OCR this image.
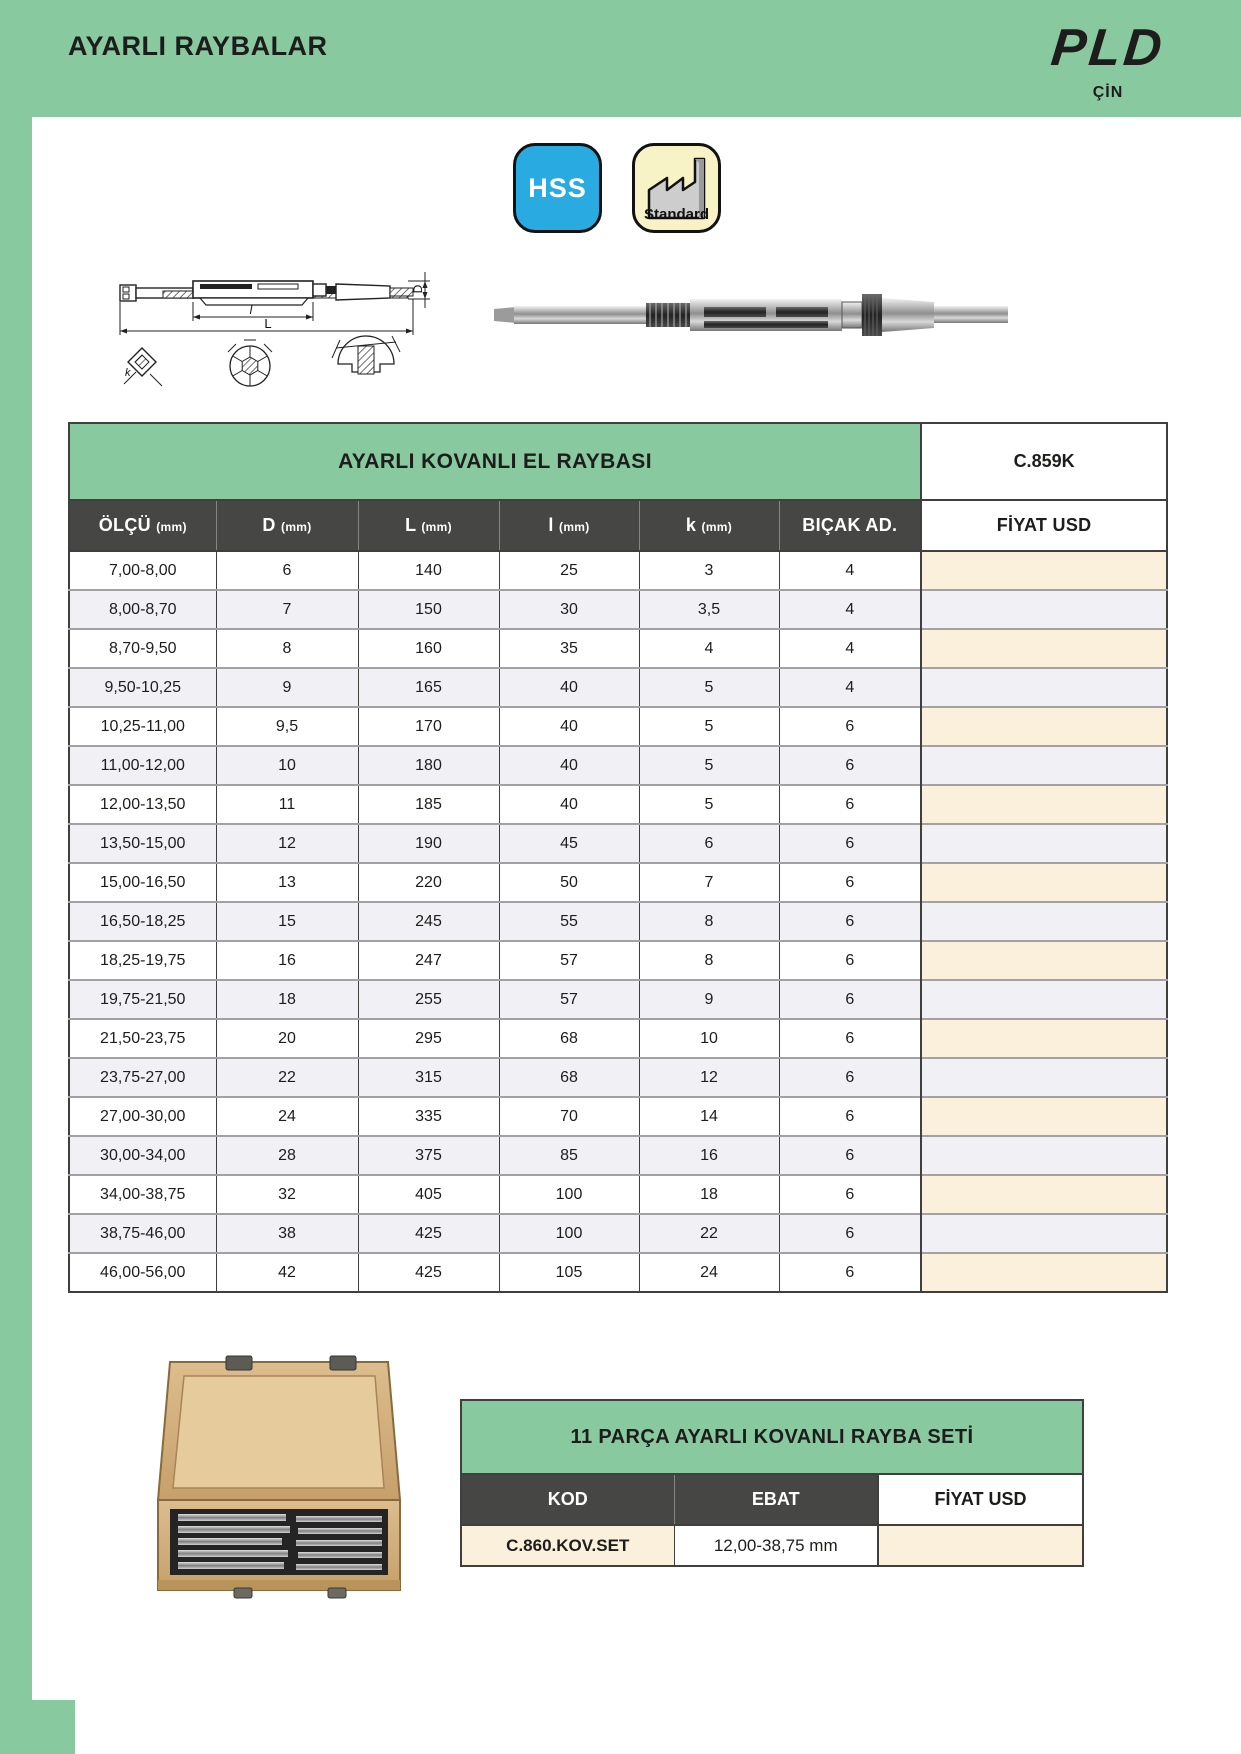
AYARLI RAYBALAR	PLD
ÇİN
HSS
Standard
l
L
D
k
AYARLI KOVANLI EL RAYBASI						C.859K
ÖLÇÜ (mm)	D (mm)	L (mm)	l (mm)	k (mm)	BIÇAK AD.	FİYAT USD
7,00-8,00	6	140	25	3	4	
8,00-8,70	7	150	30	3,5	4	
8,70-9,50	8	160	35	4	4	
9,50-10,25	9	165	40	5	4	
10,25-11,00	9,5	170	40	5	6	
11,00-12,00	10	180	40	5	6	
12,00-13,50	11	185	40	5	6	
13,50-15,00	12	190	45	6	6	
15,00-16,50	13	220	50	7	6	
16,50-18,25	15	245	55	8	6	
18,25-19,75	16	247	57	8	6	
19,75-21,50	18	255	57	9	6	
21,50-23,75	20	295	68	10	6	
23,75-27,00	22	315	68	12	6	
27,00-30,00	24	335	70	14	6	
30,00-34,00	28	375	85	16	6	
34,00-38,75	32	405	100	18	6	
38,75-46,00	38	425	100	22	6	
46,00-56,00	42	425	105	24	6	
11 PARÇA AYARLI KOVANLI RAYBA SETİ		
KOD	EBAT	FİYAT USD
C.860.KOV.SET	12,00-38,75 mm	
